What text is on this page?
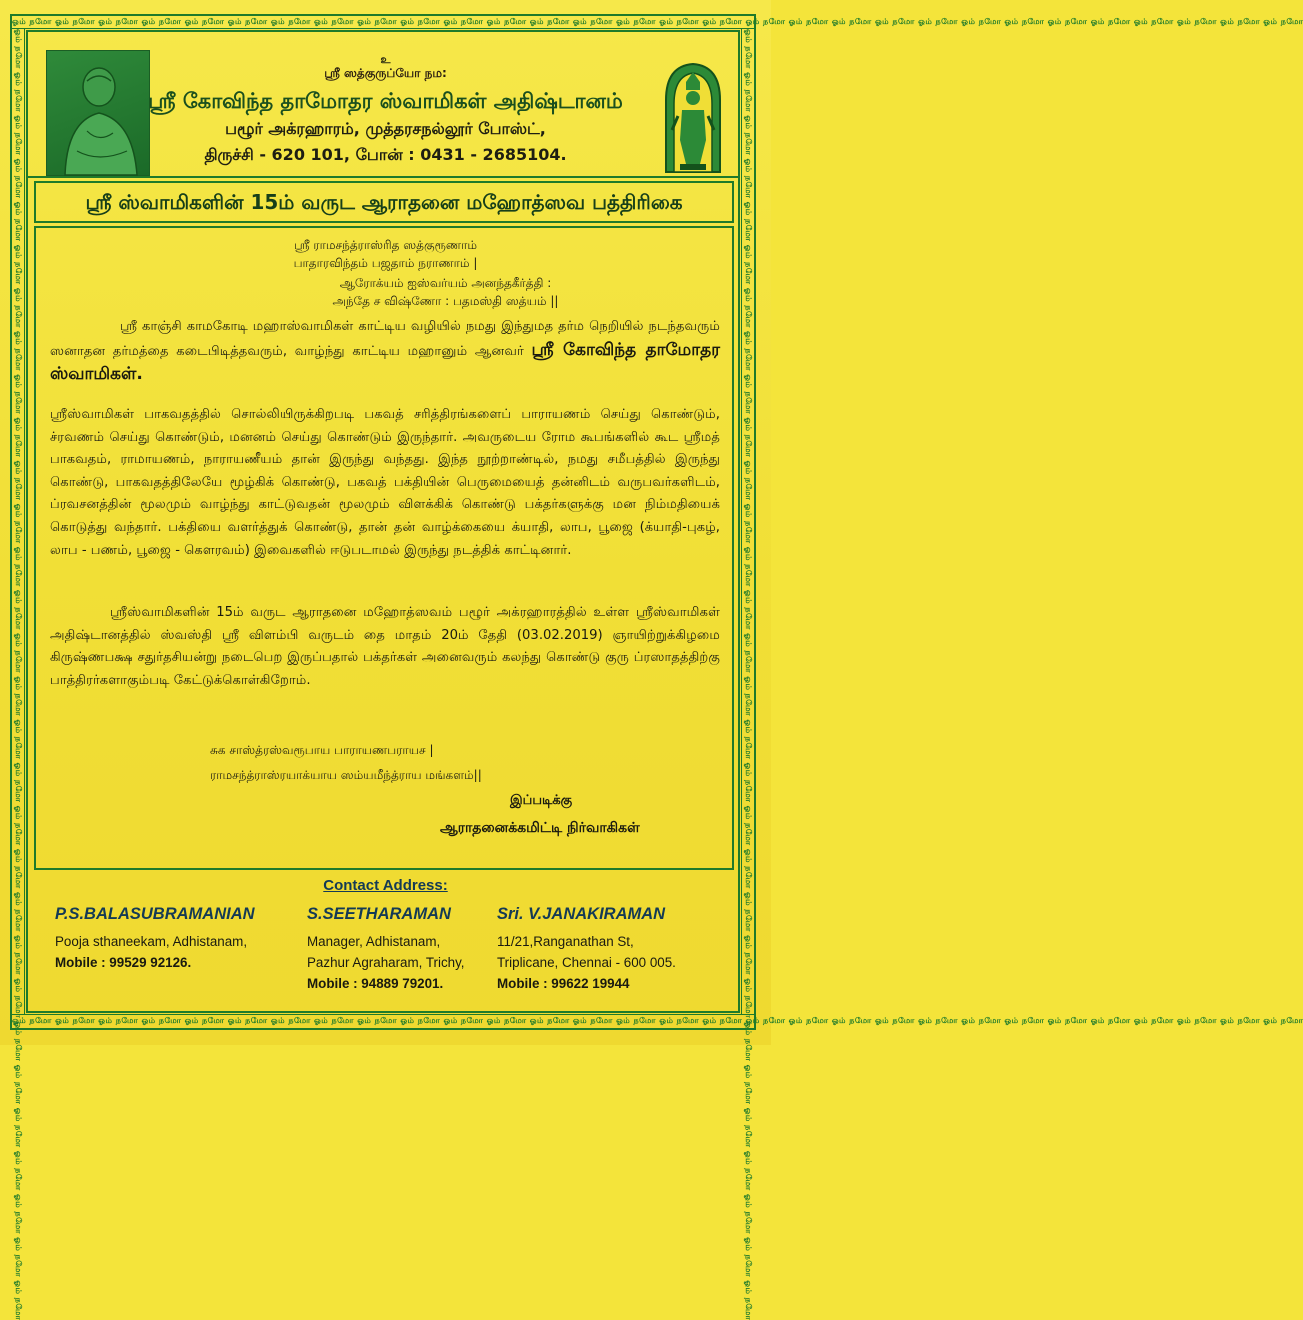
ஓம் நமோ ஓம் நமோ ஓம் நமோ ஓம் நமோ ஓம் நமோ ஓம் நமோ ஓம் நமோ ஓம் நமோ ஓம் நமோ ஓம் நமோ ஓம் நமோ ஓம் நமோ ஓம் நமோ ஓம் நமோ ஓம் நமோ ஓம் நமோ ஓம் நமோ ஓம் நமோ ஓம் நமோ ஓம் நமோ ஓம் நமோ ஓம் நமோ ஓம் நமோ ஓம் நமோ ஓம் நமோ ஓம் நமோ ஓம் நமோ ஓம் நமோ ஓம் நமோ ஓம் நமோ
ஓம் நமோ ஓம் நமோ ஓம் நமோ ஓம் நமோ ஓம் நமோ ஓம் நமோ ஓம் நமோ ஓம் நமோ ஓம் நமோ ஓம் நமோ ஓம் நமோ ஓம் நமோ ஓம் நமோ ஓம் நமோ ஓம் நமோ ஓம் நமோ ஓம் நமோ ஓம் நமோ ஓம் நமோ ஓம் நமோ ஓம் நமோ ஓம் நமோ ஓம் நமோ ஓம் நமோ ஓம் நமோ ஓம் நமோ ஓம் நமோ ஓம் நமோ ஓம் நமோ ஓம் நமோ
ஓம் நமோ ஓம் நமோ ஓம் நமோ ஓம் நமோ ஓம் நமோ ஓம் நமோ ஓம் நமோ ஓம் நமோ ஓம் நமோ ஓம் நமோ ஓம் நமோ ஓம் நமோ ஓம் நமோ ஓம் நமோ ஓம் நமோ ஓம் நமோ ஓம் நமோ ஓம் நமோ ஓம் நமோ ஓம் நமோ ஓம் நமோ ஓம் நமோ ஓம் நமோ ஓம் நமோ ஓம் நமோ ஓம் நமோ ஓம் நமோ ஓம் நமோ ஓம் நமோ ஓம் நமோ	ஓம் நமோ ஓம் நமோ ஓம் நமோ ஓம் நமோ ஓம் நமோ ஓம் நமோ ஓம் நமோ ஓம் நமோ ஓம் நமோ ஓம் நமோ ஓம் நமோ ஓம் நமோ ஓம் நமோ ஓம் நமோ ஓம் நமோ ஓம் நமோ ஓம் நமோ ஓம் நமோ ஓம் நமோ ஓம் நமோ ஓம் நமோ ஓம் நமோ ஓம் நமோ ஓம் நமோ ஓம் நமோ ஓம் நமோ ஓம் நமோ ஓம் நமோ ஓம் நமோ ஓம் நமோ
உ
ஸ்ரீ ஸத்குருப்யோ நம:
ஸ்ரீ கோவிந்த தாமோதர ஸ்வாமிகள் அதிஷ்டானம்
பழூர் அக்ரஹாரம், முத்தரசநல்லூர் போஸ்ட்,
திருச்சி - 620 101, போன் : 0431 - 2685104.
ஸ்ரீ ஸ்வாமிகளின் 15ம் வருட ஆராதனை மஹோத்ஸவ பத்திரிகை
ஸ்ரீ ராமசந்த்ராஸ்ரித ஸத்குரூணாம்
பாதாரவிந்தம் பஜதாம் நராணாம் |
ஆரோக்யம் ஐஸ்வர்யம் அனந்தகீர்த்தி :
அந்தே ச விஷ்ணோ : பதமஸ்தி ஸத்யம் ||
ஸ்ரீ காஞ்சி காமகோடி மஹாஸ்வாமிகள் காட்டிய வழியில் நமது இந்துமத தர்ம நெறியில் நடந்தவரும் ஸனாதன தர்மத்தை கடைபிடித்தவரும், வாழ்ந்து காட்டிய மஹானும் ஆனவர் ஸ்ரீ கோவிந்த தாமோதர ஸ்வாமிகள்.
ஸ்ரீஸ்வாமிகள் பாகவதத்தில் சொல்லியிருக்கிறபடி பகவத் சரித்திரங்களைப் பாராயணம் செய்து கொண்டும், ச்ரவணம் செய்து கொண்டும், மனனம் செய்து கொண்டும் இருந்தார். அவருடைய ரோம கூபங்களில் கூட ஸ்ரீமத் பாகவதம், ராமாயணம், நாராயணீயம் தான் இருந்து வந்தது. இந்த நூற்றாண்டில், நமது சமீபத்தில் இருந்து கொண்டு, பாகவதத்திலேயே மூழ்கிக் கொண்டு, பகவத் பக்தியின் பெருமையைத் தன்னிடம் வருபவர்களிடம், ப்ரவசனத்தின் மூலமும் வாழ்ந்து காட்டுவதன் மூலமும் விளக்கிக் கொண்டு பக்தர்களுக்கு மன நிம்மதியைக் கொடுத்து வந்தார். பக்தியை வளர்த்துக் கொண்டு, தான் தன் வாழ்க்கையை க்யாதி, லாப, பூஜை (க்யாதி-புகழ், லாப - பணம், பூஜை - கௌரவம்) இவைகளில் ஈடுபடாமல் இருந்து நடத்திக் காட்டினார்.
ஸ்ரீஸ்வாமிகளின் 15ம் வருட ஆராதனை மஹோத்ஸவம் பழூர் அக்ரஹாரத்தில் உள்ள ஸ்ரீஸ்வாமிகள் அதிஷ்டானத்தில் ஸ்வஸ்தி ஸ்ரீ விளம்பி வருடம் தை மாதம் 20ம் தேதி (03.02.2019) ஞாயிற்றுக்கிழமை கிருஷ்ணபக்ஷ சதுர்தசியன்று நடைபெற இருப்பதால் பக்தர்கள் அனைவரும் கலந்து கொண்டு குரு ப்ரஸாதத்திற்கு பாத்திரர்களாகும்படி கேட்டுக்கொள்கிறோம்.
சுக சாஸ்த்ரஸ்வரூபாய பாராயணபராயச |
ராமசந்த்ராஸ்ரயாக்யாய ஸம்யமீந்த்ராய மங்களம்||
இப்படிக்கு
ஆராதனைக்கமிட்டி நிர்வாகிகள்
Contact Address:
P.S.BALASUBRAMANIAN
Pooja sthaneekam, Adhistanam,
Mobile : 99529 92126.
S.SEETHARAMAN
Manager, Adhistanam,
Pazhur Agraharam, Trichy,
Mobile : 94889 79201.
Sri. V.JANAKIRAMAN
11/21,Ranganathan St,
Triplicane, Chennai - 600 005.
Mobile : 99622 19944
